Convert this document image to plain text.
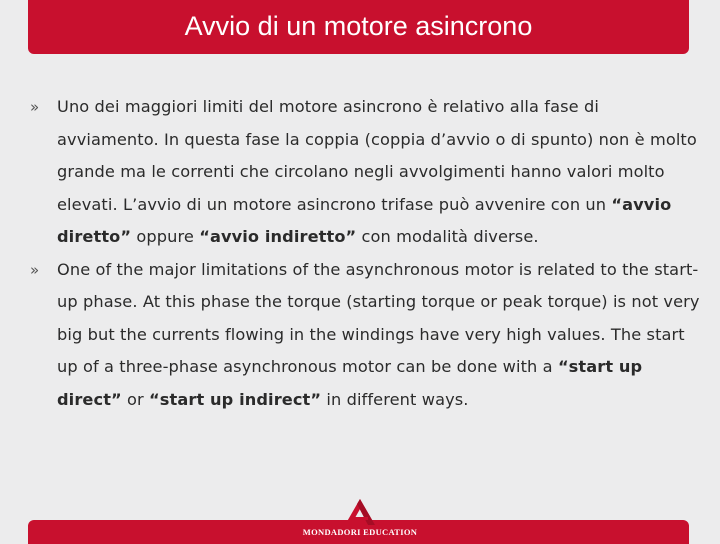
Avvio di un motore asincrono
» Uno dei maggiori limiti del motore asincrono è relativo alla fase di avviamento. In questa fase la coppia (coppia d’avvio o di spunto) non è molto grande ma le correnti che circolano negli avvolgimenti hanno valori molto elevati. L’avvio di un motore asincrono trifase può avvenire con un “avvio diretto” oppure “avvio indiretto” con modalità diverse.
» One of the major limitations of the asynchronous motor is related to the start-up phase. At this phase the torque (starting torque or peak torque) is not very big but the currents flowing in the windings have very high values. The start up of a three-phase asynchronous motor can be done with a “start up direct” or “start up indirect” in different ways.
MONDADORI EDUCATION
